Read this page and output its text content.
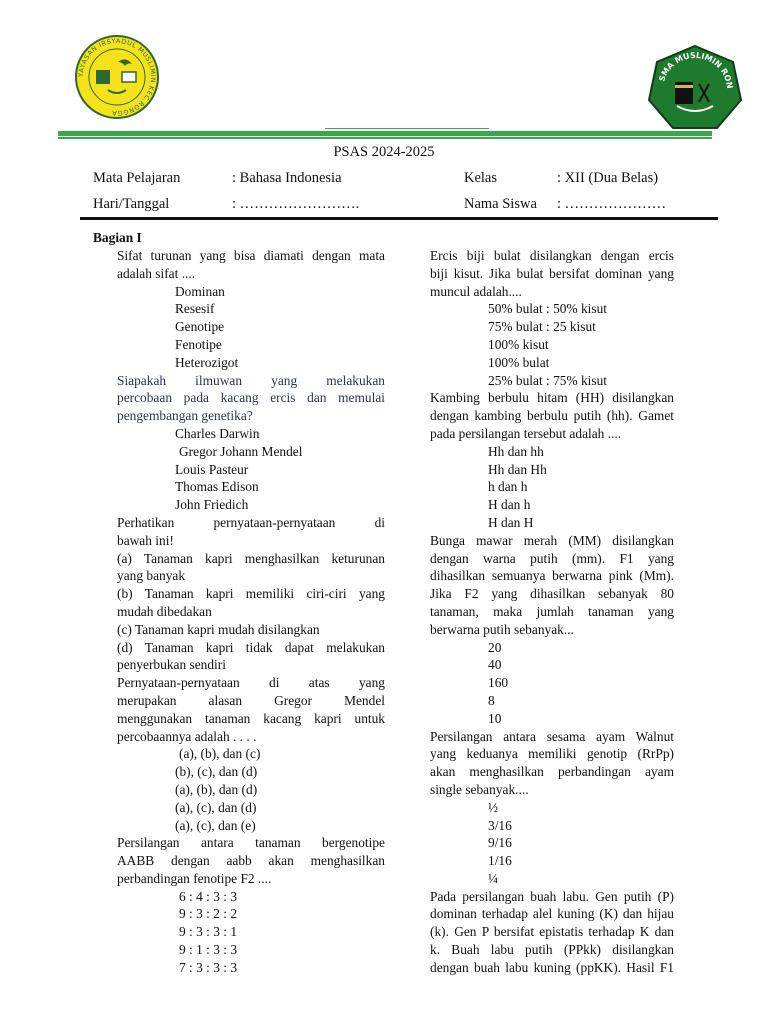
YAYASAN IRSYADUL MUSLIMIN KEC.RONGGA
SMA MUSLIMIN RON
PSAS 2024-2025
Mata Pelajaran	: Bahasa Indonesia	Kelas	: XII (Dua Belas)
Hari/Tanggal	: …………………….	Nama Siswa : …………………
Bagian I

Sifat turunan yang bisa diamati dengan mata

adalah sifat ....

Dominan

Resesif

Genotipe

Fenotipe

Heterozigot

Siapakah ilmuwan yang melakukan

percobaan pada kacang ercis dan memulai

pengembangan genetika?

Charles Darwin

Gregor Johann Mendel

Louis Pasteur

Thomas Edison

John Friedich

Perhatikan pernyataan-pernyataan di

bawah ini!

(a) Tanaman kapri menghasilkan keturunan

yang banyak

(b) Tanaman kapri memiliki ciri-ciri yang

mudah dibedakan

(c) Tanaman kapri mudah disilangkan

(d) Tanaman kapri tidak dapat melakukan

penyerbukan sendiri

Pernyataan-pernyataan di atas yang

merupakan alasan Gregor Mendel

menggunakan tanaman kacang kapri untuk

percobaannya adalah . . . .

(a), (b), dan (c)

(b), (c), dan (d)

(a), (b), dan (d)

(a), (c), dan (d)

(a), (c), dan (e)

Persilangan antara tanaman bergenotipe

AABB dengan aabb akan menghasilkan

perbandingan fenotipe F2 ....

6 : 4 : 3 : 3

9 : 3 : 2 : 2

9 : 3 : 3 : 1

9 : 1 : 3 : 3

7 : 3 : 3 : 3

Ercis biji bulat disilangkan dengan ercis

biji kisut. Jika bulat bersifat dominan yang

muncul adalah....

50% bulat : 50% kisut

75% bulat : 25 kisut

100% kisut

100% bulat

25% bulat : 75% kisut

Kambing berbulu hitam (HH) disilangkan

dengan kambing berbulu putih (hh). Gamet

pada persilangan tersebut adalah ....

Hh dan hh

Hh dan Hh

h dan h

H dan h

H dan H

Bunga mawar merah (MM) disilangkan

dengan warna putih (mm). F1 yang

dihasilkan semuanya berwarna pink (Mm).

Jika F2 yang dihasilkan sebanyak 80

tanaman, maka jumlah tanaman yang

berwarna putih sebanyak...

20

40

160

8

10

Persilangan antara sesama ayam Walnut

yang keduanya memiliki genotip (RrPp)

akan menghasilkan perbandingan ayam

single sebanyak....

½

3/16

9/16

1/16

¼

Pada persilangan buah labu. Gen putih (P)

dominan terhadap alel kuning (K) dan hijau

(k). Gen P bersifat epistatis terhadap K dan

k. Buah labu putih (PPkk) disilangkan

dengan buah labu kuning (ppKK). Hasil F1
